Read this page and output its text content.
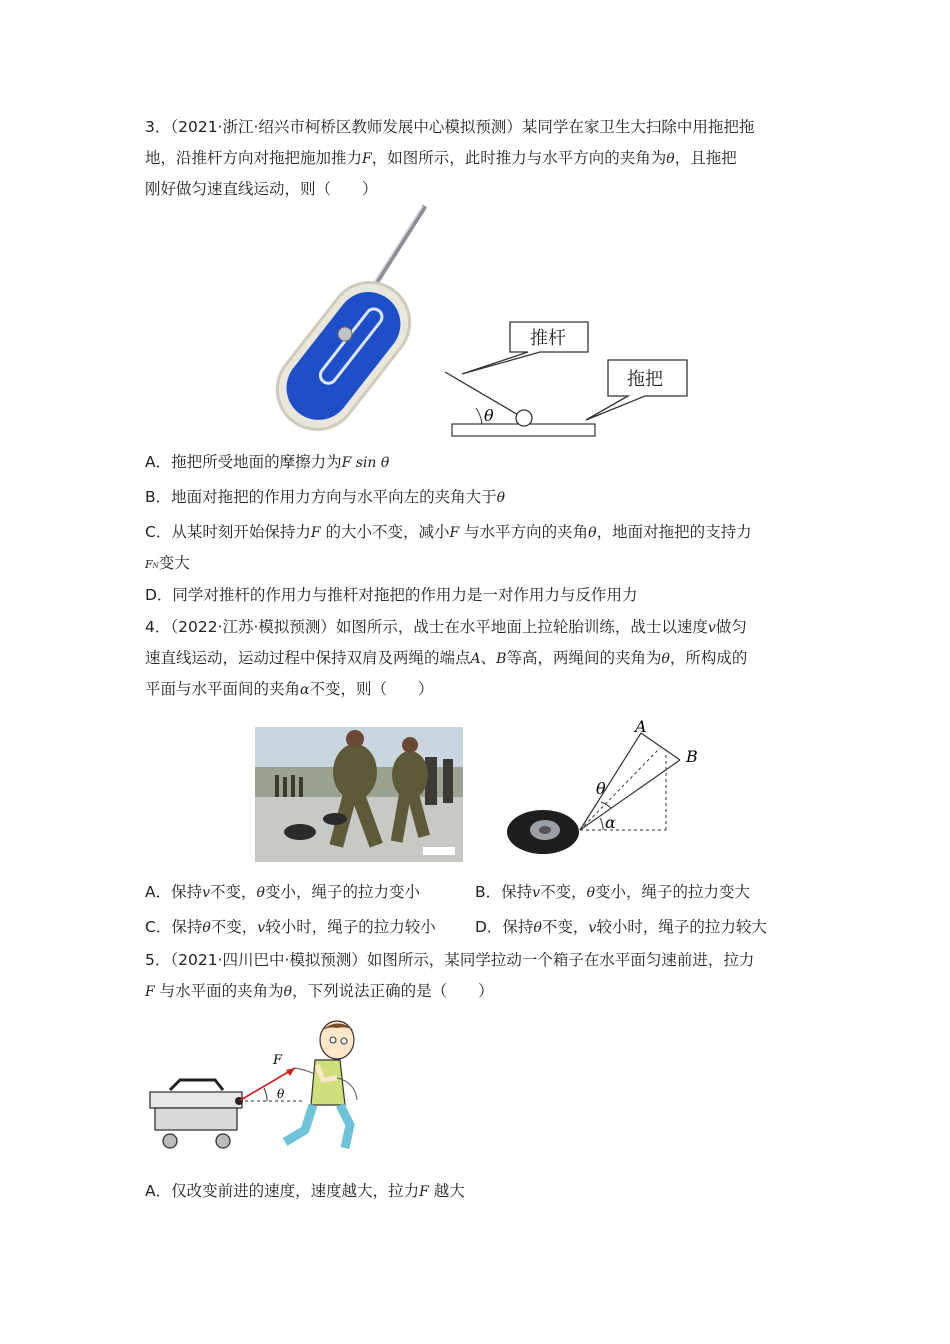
3．（2021·浙江·绍兴市柯桥区教师发展中心模拟预测）某同学在家卫生大扫除中用拖把拖
地，沿推杆方向对拖把施加推力F，如图所示，此时推力与水平方向的夹角为θ，且拖把
刚好做匀速直线运动，则（　　）
θ
推杆
拖把
A．拖把所受地面的摩擦力为F sin θ
B．地面对拖把的作用力方向与水平向左的夹角大于θ
C．从某时刻开始保持力F 的大小不变，减小F 与水平方向的夹角θ，地面对拖把的支持力
FN变大
D．同学对推杆的作用力与推杆对拖把的作用力是一对作用力与反作用力
4．（2022·江苏·模拟预测）如图所示，战士在水平地面上拉轮胎训练，战士以速度v做匀
速直线运动，运动过程中保持双肩及两绳的端点A、B等高，两绳间的夹角为θ，所构成的
平面与水平面间的夹角α不变，则（　　）
A
B
θ
α
A．保持v不变，θ变小，绳子的拉力变小	B．保持v不变，θ变小，绳子的拉力变大
C．保持θ不变，v较小时，绳子的拉力较小	D．保持θ不变，v较小时，绳子的拉力较大
5．（2021·四川巴中·模拟预测）如图所示，某同学拉动一个箱子在水平面匀速前进，拉力
F 与水平面的夹角为θ，下列说法正确的是（　　）
F
θ
A．仅改变前进的速度，速度越大，拉力F 越大
